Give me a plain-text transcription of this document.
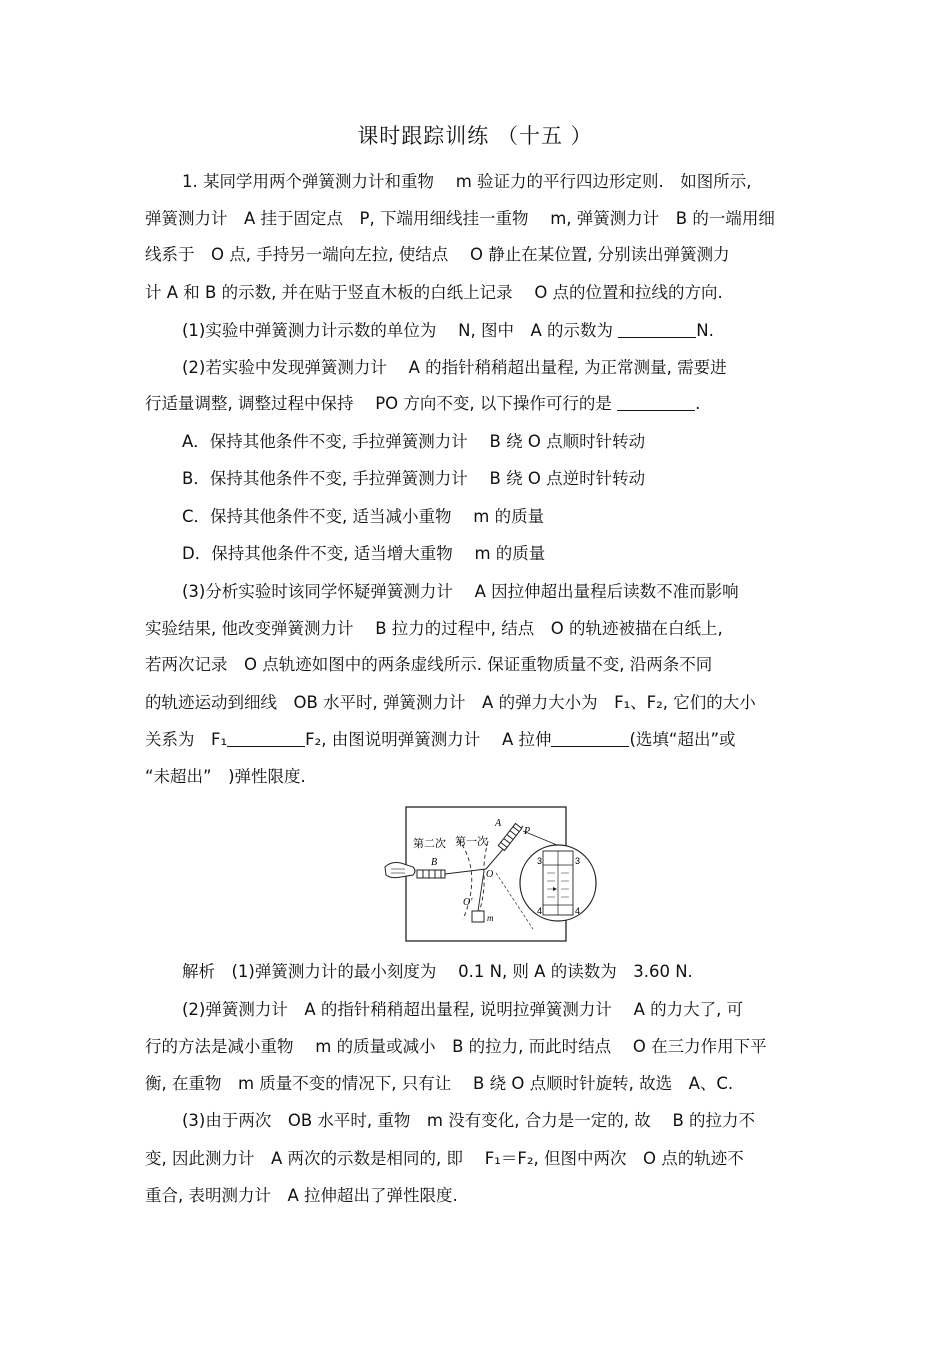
课时跟踪训练 （十五 ）
1. 某同学用两个弹簧测力计和重物　 m 验证力的平行四边形定则.　如图所示,
弹簧测力计　A 挂于固定点　P, 下端用细线挂一重物　 m, 弹簧测力计　B 的一端用细
线系于　O 点, 手持另一端向左拉, 使结点　 O 静止在某位置, 分别读出弹簧测力
计 A 和 B 的示数, 并在贴于竖直木板的白纸上记录　 O 点的位置和拉线的方向.
(1)实验中弹簧测力计示数的单位为　 N, 图中　A 的示数为	N.
(2)若实验中发现弹簧测力计　 A 的指针稍稍超出量程, 为正常测量, 需要进
行适量调整, 调整过程中保持　 PO 方向不变, 以下操作可行的是	.
A．保持其他条件不变, 手拉弹簧测力计　 B 绕 O 点顺时针转动
B．保持其他条件不变, 手拉弹簧测力计　 B 绕 O 点逆时针转动
C．保持其他条件不变, 适当减小重物　 m 的质量
D．保持其他条件不变, 适当增大重物　 m 的质量
(3)分析实验时该同学怀疑弹簧测力计　 A 因拉伸超出量程后读数不准而影响
实验结果, 他改变弹簧测力计　 B 拉力的过程中, 结点　O 的轨迹被描在白纸上,
若两次记录　O 点轨迹如图中的两条虚线所示. 保证重物质量不变, 沿两条不同
的轨迹运动到细线　OB 水平时, 弹簧测力计　A 的弹力大小为　F₁、F₂, 它们的大小
关系为　F₁	F₂, 由图说明弹簧测力计　 A 拉伸	(选填“超出”或
“未超出”　)弹性限度.
第二次 第一次
A
P
B
O
O'
m
3	3
4	4
解析　(1)弹簧测力计的最小刻度为　 0.1 N, 则 A 的读数为　3.60 N.
(2)弹簧测力计　A 的指针稍稍超出量程, 说明拉弹簧测力计　 A 的力大了, 可
行的方法是减小重物　 m 的质量或减小　B 的拉力, 而此时结点　 O 在三力作用下平
衡, 在重物　m 质量不变的情况下, 只有让　 B 绕 O 点顺时针旋转, 故选　A、C.
(3)由于两次　OB 水平时, 重物　m 没有变化, 合力是一定的, 故　 B 的拉力不
变, 因此测力计　A 两次的示数是相同的, 即　 F₁＝F₂, 但图中两次　O 点的轨迹不
重合, 表明测力计　A 拉伸超出了弹性限度.
